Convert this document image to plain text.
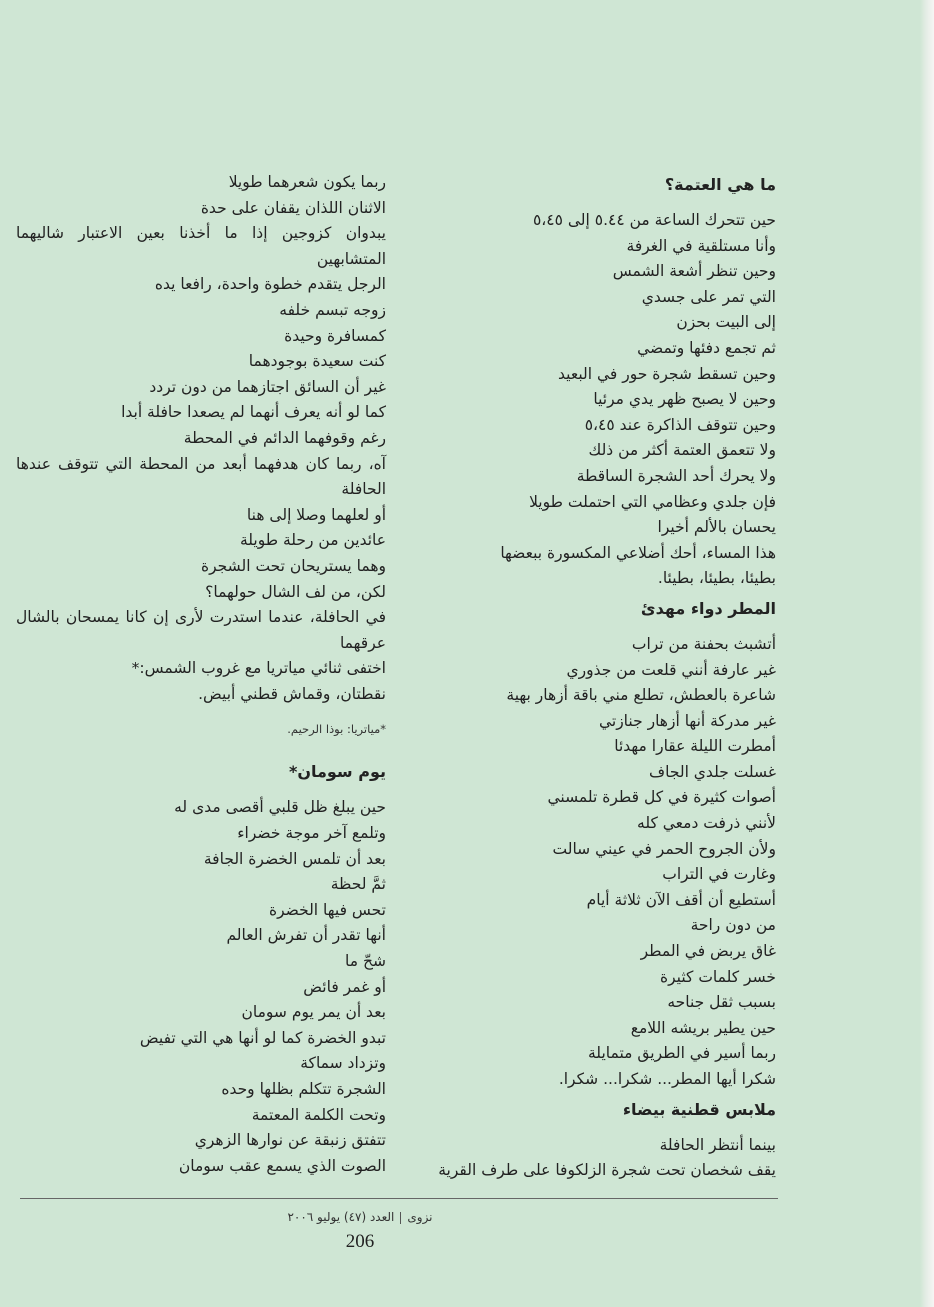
ما هي العتمة؟
حين تتحرك الساعة من ٥.٤٤ إلى ٥،٤٥
وأنا مستلقية في الغرفة
وحين تنظر أشعة الشمس
التي تمر على جسدي
إلى البيت بحزن
ثم تجمع دفئها وتمضي
وحين تسقط شجرة حور في البعيد
وحين لا يصبح ظهر يدي مرئيا
وحين تتوقف الذاكرة عند ٥،٤٥
ولا تتعمق العتمة أكثر من ذلك
ولا يحرك أحد الشجرة الساقطة
فإن جلدي وعظامي التي احتملت طويلا
يحسان بالألم أخيرا
هذا المساء، أحك أضلاعي المكسورة ببعضها
بطيئا، بطيئا، بطيئا.
المطر دواء مهدئ
أتشبث بحفنة من تراب
غير عارفة أنني قلعت من جذوري
شاعرة بالعطش، تطلع مني باقة أزهار بهية
غير مدركة أنها أزهار جنازتي
أمطرت الليلة عقارا مهدئا
غسلت جلدي الجاف
أصوات كثيرة في كل قطرة تلمسني
لأنني ذرفت دمعي كله
ولأن الجروح الحمر في عيني سالت
وغارت في التراب
أستطيع أن أقف الآن ثلاثة أيام
من دون راحة
غاق يربض في المطر
خسر كلمات كثيرة
بسبب ثقل جناحه
حين يطير بريشه اللامع
ربما أسير في الطريق متمايلة
شكرا أيها المطر... شكرا... شكرا.
ملابس قطنية بيضاء
بينما أنتظر الحافلة
يقف شخصان تحت شجرة الزلكوفا على طرف القرية
ربما يكون شعرهما طويلا
الاثنان اللذان يقفان على حدة
يبدوان كزوجين إذا ما أخذنا بعين الاعتبار شاليهما المتشابهين
الرجل يتقدم خطوة واحدة، رافعا يده
زوجه تبسم خلفه
كمسافرة وحيدة
كنت سعيدة بوجودهما
غير أن السائق اجتازهما من دون تردد
كما لو أنه يعرف أنهما لم يصعدا حافلة أبدا
رغم وقوفهما الدائم في المحطة
آه، ربما كان هدفهما أبعد من المحطة التي تتوقف عندها الحافلة
أو لعلهما وصلا إلى هنا
عائدين من رحلة طويلة
وهما يستريحان تحت الشجرة
لكن، من لف الشال حولهما؟
في الحافلة، عندما استدرت لأرى إن كانا يمسحان بالشال عرقهما
اختفى ثنائي مياتريا مع غروب الشمس:*
نقطتان، وقماش قطني أبيض.
*مياتريا: بوذا الرحيم.
يوم سومان*
حين يبلغ ظل قلبي أقصى مدى له
وتلمع آخر موجة خضراء
بعد أن تلمس الخضرة الجافة
ثمَّ لحظة
تحس فيها الخضرة
أنها تقدر أن تفرش العالم
شحّ ما
أو غمر فائض
بعد أن يمر يوم سومان
تبدو الخضرة كما لو أنها هي التي تفيض
وتزداد سماكة
الشجرة تتكلم بظلها وحده
وتحت الكلمة المعتمة
تتفتق زنبقة عن نوارها الزهري
الصوت الذي يسمع عقب سومان
نزوىالعدد (٤٧) يوليو ٢٠٠٦
206
